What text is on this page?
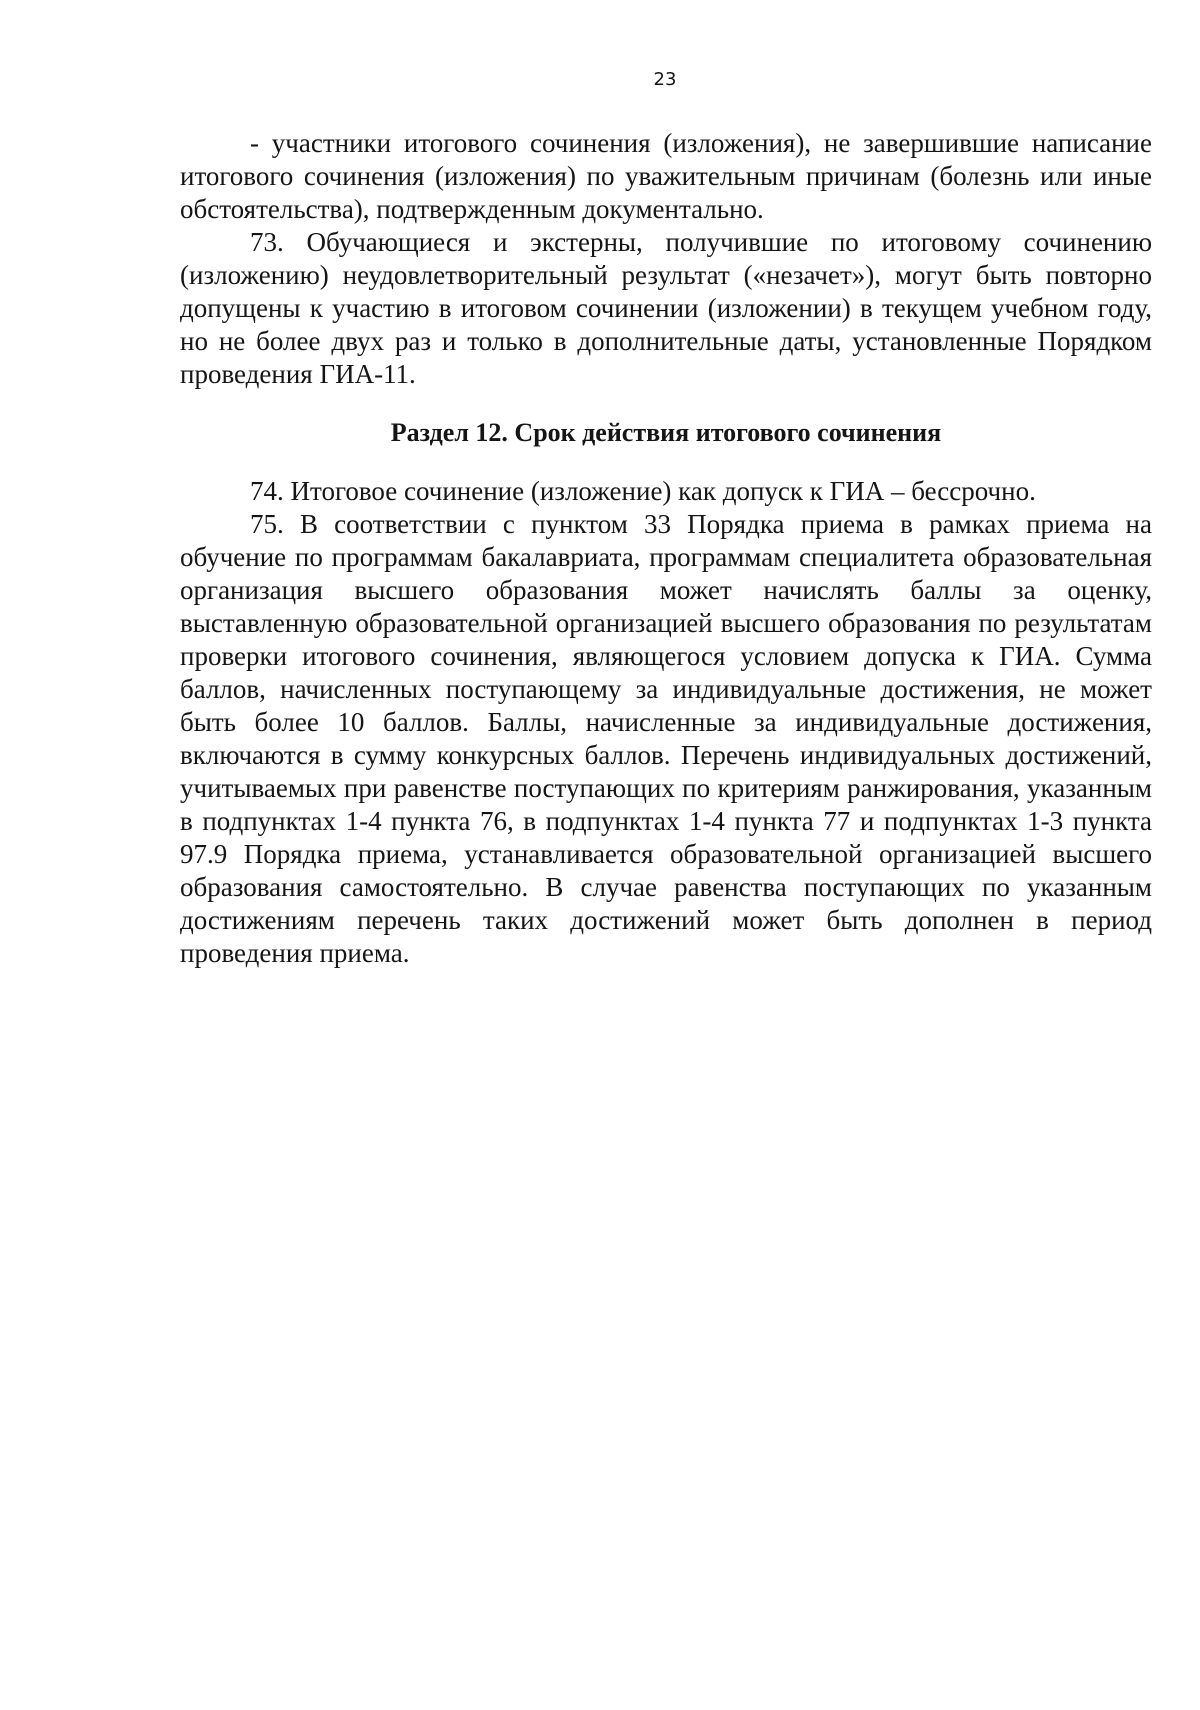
23

- участники итогового сочинения (изложения), не завершившие написание итогового сочинения (изложения) по уважительным причинам (болезнь или иные обстоятельства), подтвержденным документально.

73. Обучающиеся и экстерны, получившие по итоговому сочинению (изложению) неудовлетворительный результат («незачет»), могут быть повторно допущены к участию в итоговом сочинении (изложении) в текущем учебном году, но не более двух раз и только в дополнительные даты, установленные Порядком проведения ГИА-11.

Раздел 12. Срок действия итогового сочинения

74. Итоговое сочинение (изложение) как допуск к ГИА – бессрочно.

75. В соответствии с пунктом 33 Порядка приема в рамках приема на обучение по программам бакалавриата, программам специалитета образовательная организация высшего образования может начислять баллы за оценку, выставленную образовательной организацией высшего образования по результатам проверки итогового сочинения, являющегося условием допуска к ГИА. Сумма баллов, начисленных поступающему за индивидуальные достижения, не может быть более 10 баллов. Баллы, начисленные за индивидуальные достижения, включаются в сумму конкурсных баллов. Перечень индивидуальных достижений, учитываемых при равенстве поступающих по критериям ранжирования, указанным в подпунктах 1-4 пункта 76, в подпунктах 1-4 пункта 77 и подпунктах 1-3 пункта 97.9 Порядка приема, устанавливается образовательной организацией высшего образования самостоятельно. В случае равенства поступающих по указанным достижениям перечень таких достижений может быть дополнен в период проведения приема.
